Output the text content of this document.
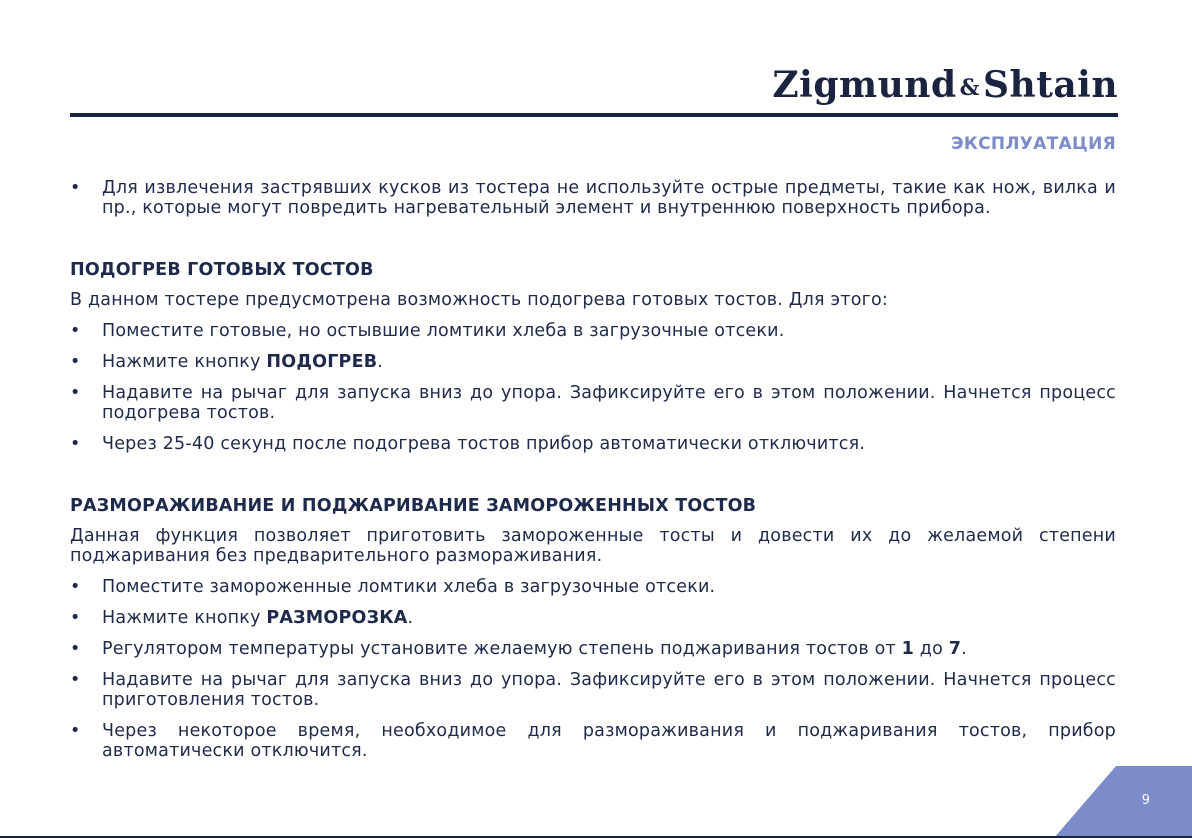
Zigmund &Shtain
ЭКСПЛУАТАЦИЯ
• Для извлечения застрявших кусков из тостера не используйте острые предметы, такие как нож, вилка и пр., которые могут повредить нагревательный элемент и внутреннюю поверхность прибора.
ПОДОГРЕВ ГОТОВЫХ ТОСТОВ
В данном тостере предусмотрена возможность подогрева готовых тостов. Для этого:
• Поместите готовые, но остывшие ломтики хлеба в загрузочные отсеки.
• Нажмите кнопку ПОДОГРЕВ.
• Надавите на рычаг для запуска вниз до упора. Зафиксируйте его в этом положении. Начнется процесс подогрева тостов.
• Через 25-40 секунд после подогрева тостов прибор автоматически отключится.
РАЗМОРАЖИВАНИЕ И ПОДЖАРИВАНИЕ ЗАМОРОЖЕННЫХ ТОСТОВ
Данная функция позволяет приготовить замороженные тосты и довести их до желаемой степени поджаривания без предварительного размораживания.
• Поместите замороженные ломтики хлеба в загрузочные отсеки.
• Нажмите кнопку РАЗМОРОЗКА.
• Регулятором температуры установите желаемую степень поджаривания тостов от 1 до 7.
• Надавите на рычаг для запуска вниз до упора. Зафиксируйте его в этом положении. Начнется процесс приготовления тостов.
• Через некоторое время, необходимое для размораживания и поджаривания тостов, прибор автоматически отключится.
9
